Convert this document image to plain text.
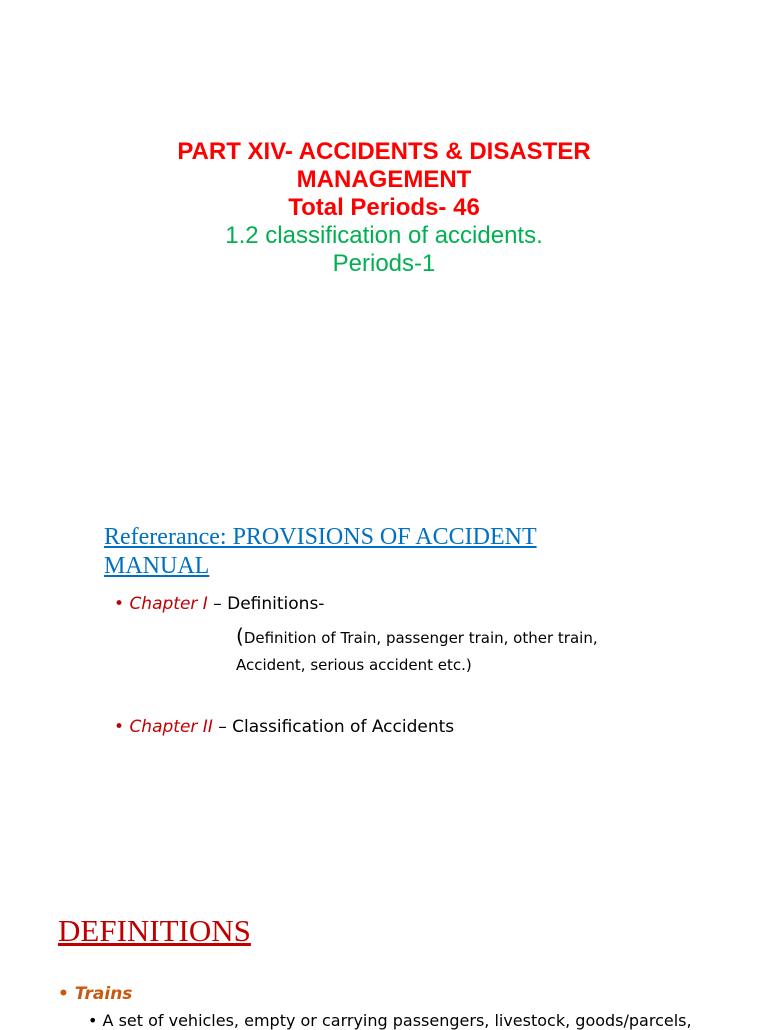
PART XIV- ACCIDENTS & DISASTER

MANAGEMENT

Total Periods- 46

1.2 classification of accidents.

Periods-1

Refererance: PROVISIONS OF ACCIDENT
MANUAL

• Chapter I – Definitions-
(Definition of Train, passenger train, other train,
Accident, serious accident etc.)
• Chapter II – Classification of Accidents

DEFINITIONS

• Trains
• A set of vehicles, empty or carrying passengers, livestock, goods/parcels,
